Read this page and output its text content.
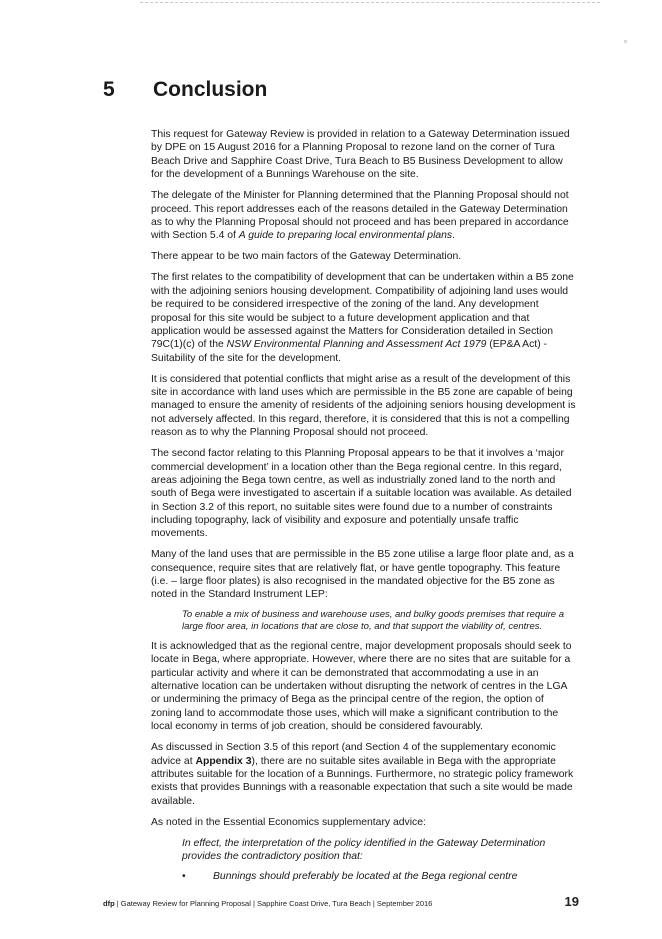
5 Conclusion

This request for Gateway Review is provided in relation to a Gateway Determination issued by DPE on 15 August 2016 for a Planning Proposal to rezone land on the corner of Tura Beach Drive and Sapphire Coast Drive, Tura Beach to B5 Business Development to allow for the development of a Bunnings Warehouse on the site.

The delegate of the Minister for Planning determined that the Planning Proposal should not proceed. This report addresses each of the reasons detailed in the Gateway Determination as to why the Planning Proposal should not proceed and has been prepared in accordance with Section 5.4 of A guide to preparing local environmental plans.

There appear to be two main factors of the Gateway Determination.

The first relates to the compatibility of development that can be undertaken within a B5 zone with the adjoining seniors housing development. Compatibility of adjoining land uses would be required to be considered irrespective of the zoning of the land. Any development proposal for this site would be subject to a future development application and that application would be assessed against the Matters for Consideration detailed in Section 79C(1)(c) of the NSW Environmental Planning and Assessment Act 1979 (EP&A Act) - Suitability of the site for the development.

It is considered that potential conflicts that might arise as a result of the development of this site in accordance with land uses which are permissible in the B5 zone are capable of being managed to ensure the amenity of residents of the adjoining seniors housing development is not adversely affected. In this regard, therefore, it is considered that this is not a compelling reason as to why the Planning Proposal should not proceed.

The second factor relating to this Planning Proposal appears to be that it involves a ‘major commercial development’ in a location other than the Bega regional centre. In this regard, areas adjoining the Bega town centre, as well as industrially zoned land to the north and south of Bega were investigated to ascertain if a suitable location was available. As detailed in Section 3.2 of this report, no suitable sites were found due to a number of constraints including topography, lack of visibility and exposure and potentially unsafe traffic movements.

Many of the land uses that are permissible in the B5 zone utilise a large floor plate and, as a consequence, require sites that are relatively flat, or have gentle topography. This feature (i.e. – large floor plates) is also recognised in the mandated objective for the B5 zone as noted in the Standard Instrument LEP:

To enable a mix of business and warehouse uses, and bulky goods premises that require a large floor area, in locations that are close to, and that support the viability of, centres.

It is acknowledged that as the regional centre, major development proposals should seek to locate in Bega, where appropriate. However, where there are no sites that are suitable for a particular activity and where it can be demonstrated that accommodating a use in an alternative location can be undertaken without disrupting the network of centres in the LGA or undermining the primacy of Bega as the principal centre of the region, the option of zoning land to accommodate those uses, which will make a significant contribution to the local economy in terms of job creation, should be considered favourably.

As discussed in Section 3.5 of this report (and Section 4 of the supplementary economic advice at Appendix 3), there are no suitable sites available in Bega with the appropriate attributes suitable for the location of a Bunnings. Furthermore, no strategic policy framework exists that provides Bunnings with a reasonable expectation that such a site would be made available.

As noted in the Essential Economics supplementary advice:

In effect, the interpretation of the policy identified in the Gateway Determination provides the contradictory position that:

•	Bunnings should preferably be located at the Bega regional centre

dfp | Gateway Review for Planning Proposal | Sapphire Coast Drive, Tura Beach | September 2016	19
